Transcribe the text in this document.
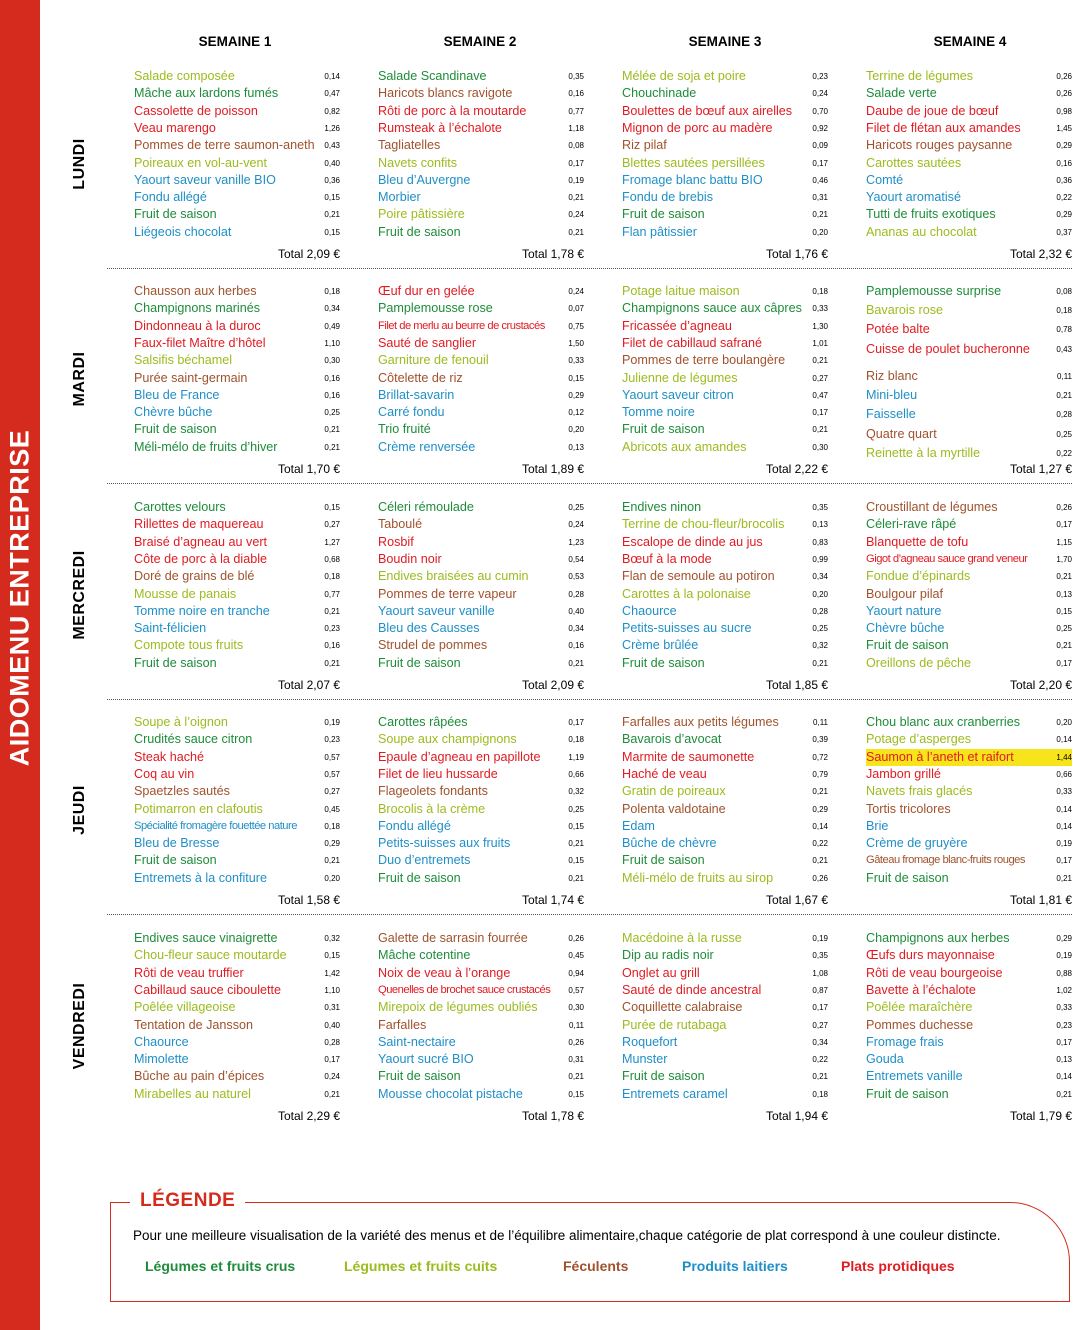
AIDOMENU ENTREPRISE
SEMAINE 1	SEMAINE 2	SEMAINE 3	SEMAINE 4
LUNDI
Salade composée	0,14
Mâche aux lardons fumés	0,47
Cassolette de poisson	0,82
Veau marengo	1,26
Pommes de terre saumon-aneth 0,43
Poireaux en vol-au-vent	0,40
Yaourt saveur vanille BIO	0,36
Fondu allégé	0,15
Fruit de saison	0,21
Liégeois chocolat	0,15
Total 2,09 €
Salade Scandinave	0,35
Haricots blancs ravigote	0,16
Rôti de porc à la moutarde	0,77
Rumsteak à l’échalote	1,18
Tagliatelles	0,08
Navets confits	0,17
Bleu d’Auvergne	0,19
Morbier	0,21
Poire pâtissière	0,24
Fruit de saison	0,21
Total 1,78 €
Mélée de soja et poire	0,23
Chouchinade	0,24
Boulettes de bœuf aux airelles	0,70
Mignon de porc au madère	0,92
Riz pilaf	0,09
Blettes sautées persillées	0,17
Fromage blanc battu BIO	0,46
Fondu de brebis	0,31
Fruit de saison	0,21
Flan pâtissier	0,20
Total 1,76 €
Terrine de légumes	0,26
Salade verte	0,26
Daube de joue de bœuf	0,98
Filet de flétan aux amandes	1,45
Haricots rouges paysanne	0,29
Carottes sautées	0,16
Comté	0,36
Yaourt aromatisé	0,22
Tutti de fruits exotiques	0,29
Ananas au chocolat	0,37
Total 2,32 €
MARDI
Chausson aux herbes	0,18
Champignons marinés	0,34
Dindonneau à la duroc	0,49
Faux-filet Maître d’hôtel	1,10
Salsifis béchamel	0,30
Purée saint-germain	0,16
Bleu de France	0,16
Chèvre bûche	0,25
Fruit de saison	0,21
Méli-mélo de fruits d’hiver	0,21
Total 1,70 €
Œuf dur en gelée	0,24
Pamplemousse rose	0,07
Filet de merlu au beurre de crustacés	0,75
Sauté de sanglier	1,50
Garniture de fenouil	0,33
Côtelette de riz	0,15
Brillat-savarin	0,29
Carré fondu	0,12
Trio fruité	0,20
Crème renversée	0,13
Total 1,89 €
Potage laitue maison	0,18
Champignons sauce aux câpres 0,33
Fricassée d’agneau	1,30
Filet de cabillaud safrané	1,01
Pommes de terre boulangère	0,21
Julienne de légumes	0,27
Yaourt saveur citron	0,47
Tomme noire	0,17
Fruit de saison	0,21
Abricots aux amandes	0,30
Total 2,22 €
Pamplemousse surprise	0,08
Bavarois rose	0,18
Potée balte	0,78
Cuisse de poulet bucheronne	0,43
Riz blanc	0,11
Mini-bleu	0,21
Faisselle	0,28
Quatre quart	0,25
Reinette à la myrtille	0,22
Total 1,27 €
MERCREDI
Carottes velours	0,15
Rillettes de maquereau	0,27
Braisé d’agneau au vert	1,27
Côte de porc à la diable	0,68
Doré de grains de blé	0,18
Mousse de panais	0,77
Tomme noire en tranche	0,21
Saint-félicien	0,23
Compote tous fruits	0,16
Fruit de saison	0,21
Total 2,07 €
Céleri rémoulade	0,25
Taboulé	0,24
Rosbif	1,23
Boudin noir	0,54
Endives braisées au cumin	0,53
Pommes de terre vapeur	0,28
Yaourt saveur vanille	0,40
Bleu des Causses	0,34
Strudel de pommes	0,16
Fruit de saison	0,21
Total 2,09 €
Endives ninon	0,35
Terrine de chou-fleur/brocolis	0,13
Escalope de dinde au jus	0,83
Bœuf à la mode	0,99
Flan de semoule au potiron	0,34
Carottes à la polonaise	0,20
Chaource	0,28
Petits-suisses au sucre	0,25
Crème brûlée	0,32
Fruit de saison	0,21
Total 1,85 €
Croustillant de légumes	0,26
Céleri-rave râpé	0,17
Blanquette de tofu	1,15
Gigot d’agneau sauce grand veneur	1,70
Fondue d’épinards	0,21
Boulgour pilaf	0,13
Yaourt nature	0,15
Chèvre bûche	0,25
Fruit de saison	0,21
Oreillons de pêche	0,17
Total 2,20 €
JEUDI
Soupe à l’oignon	0,19
Crudités sauce citron	0,23
Steak haché	0,57
Coq au vin	0,57
Spaetzles sautés	0,27
Potimarron en clafoutis	0,45
Spécialité fromagère fouettée nature	0,18
Bleu de Bresse	0,29
Fruit de saison	0,21
Entremets à la confiture	0,20
Total 1,58 €
Carottes râpées	0,17
Soupe aux champignons	0,18
Epaule d’agneau en papillote	1,19
Filet de lieu hussarde	0,66
Flageolets fondants	0,32
Brocolis à la crème	0,25
Fondu allégé	0,15
Petits-suisses aux fruits	0,21
Duo d’entremets	0,15
Fruit de saison	0,21
Total 1,74 €
Farfalles aux petits légumes	0,11
Bavarois d’avocat	0,39
Marmite de saumonette	0,72
Haché de veau	0,79
Gratin de poireaux	0,21
Polenta valdotaine	0,29
Edam	0,14
Bûche de chèvre	0,22
Fruit de saison	0,21
Méli-mélo de fruits au sirop	0,26
Total 1,67 €
Chou blanc aux cranberries	0,20
Potage d’asperges	0,14
Saumon à l’aneth et raifort	1,44
Jambon grillé	0,66
Navets frais glacés	0,33
Tortis tricolores	0,14
Brie	0,14
Crème de gruyère	0,19
Gâteau fromage blanc-fruits rouges	0,17
Fruit de saison	0,21
Total 1,81 €
VENDREDI
Endives sauce vinaigrette	0,32
Chou-fleur sauce moutarde	0,15
Rôti de veau truffier	1,42
Cabillaud sauce ciboulette	1,10
Poêlée villageoise	0,31
Tentation de Jansson	0,40
Chaource	0,28
Mimolette	0,17
Bûche au pain d’épices	0,24
Mirabelles au naturel	0,21
Total 2,29 €
Galette de sarrasin fourrée	0,26
Mâche cotentine	0,45
Noix de veau à l’orange	0,94
Quenelles de brochet sauce crustacés 0,57
Mirepoix de légumes oubliés	0,30
Farfalles	0,11
Saint-nectaire	0,26
Yaourt sucré BIO	0,31
Fruit de saison	0,21
Mousse chocolat pistache	0,15
Total 1,78 €
Macédoine à la russe	0,19
Dip au radis noir	0,35
Onglet au grill	1,08
Sauté de dinde ancestral	0,87
Coquillette calabraise	0,17
Purée de rutabaga	0,27
Roquefort	0,34
Munster	0,22
Fruit de saison	0,21
Entremets caramel	0,18
Total 1,94 €
Champignons aux herbes	0,29
Œufs durs mayonnaise	0,19
Rôti de veau bourgeoise	0,88
Bavette à l’échalote	1,02
Poêlée maraîchère	0,33
Pommes duchesse	0,23
Fromage frais	0,17
Gouda	0,13
Entremets vanille	0,14
Fruit de saison	0,21
Total 1,79 €
LÉGENDE
Pour une meilleure visualisation de la variété des menus et de l’équilibre alimentaire,chaque catégorie de plat correspond à une couleur distincte.
Légumes et fruits crus	Légumes et fruits cuits	Féculents	Produits laitiers	Plats protidiques
